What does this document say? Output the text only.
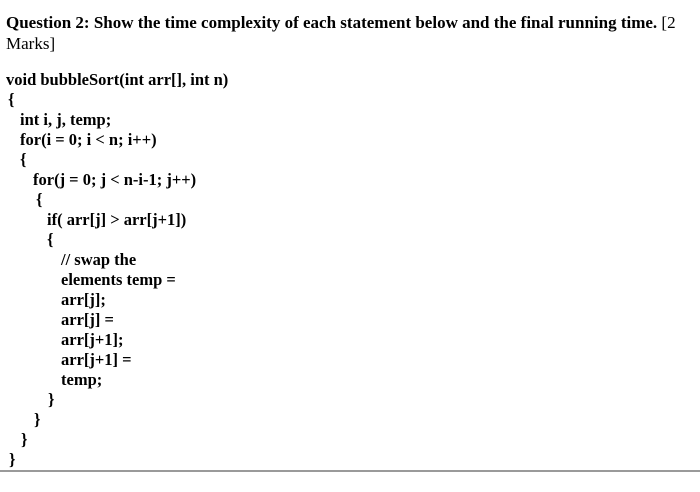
Question 2: Show the time complexity of each statement below and the final running time. [2 Marks]
void bubbleSort(int arr[], int n)
{
int i, j, temp;
for(i = 0; i < n; i++)
{
for(j = 0; j < n-i-1; j++)
{
if( arr[j] > arr[j+1])
{
// swap the
elements temp =
arr[j];
arr[j] =
arr[j+1];
arr[j+1] =
temp;
}
}
}
}
